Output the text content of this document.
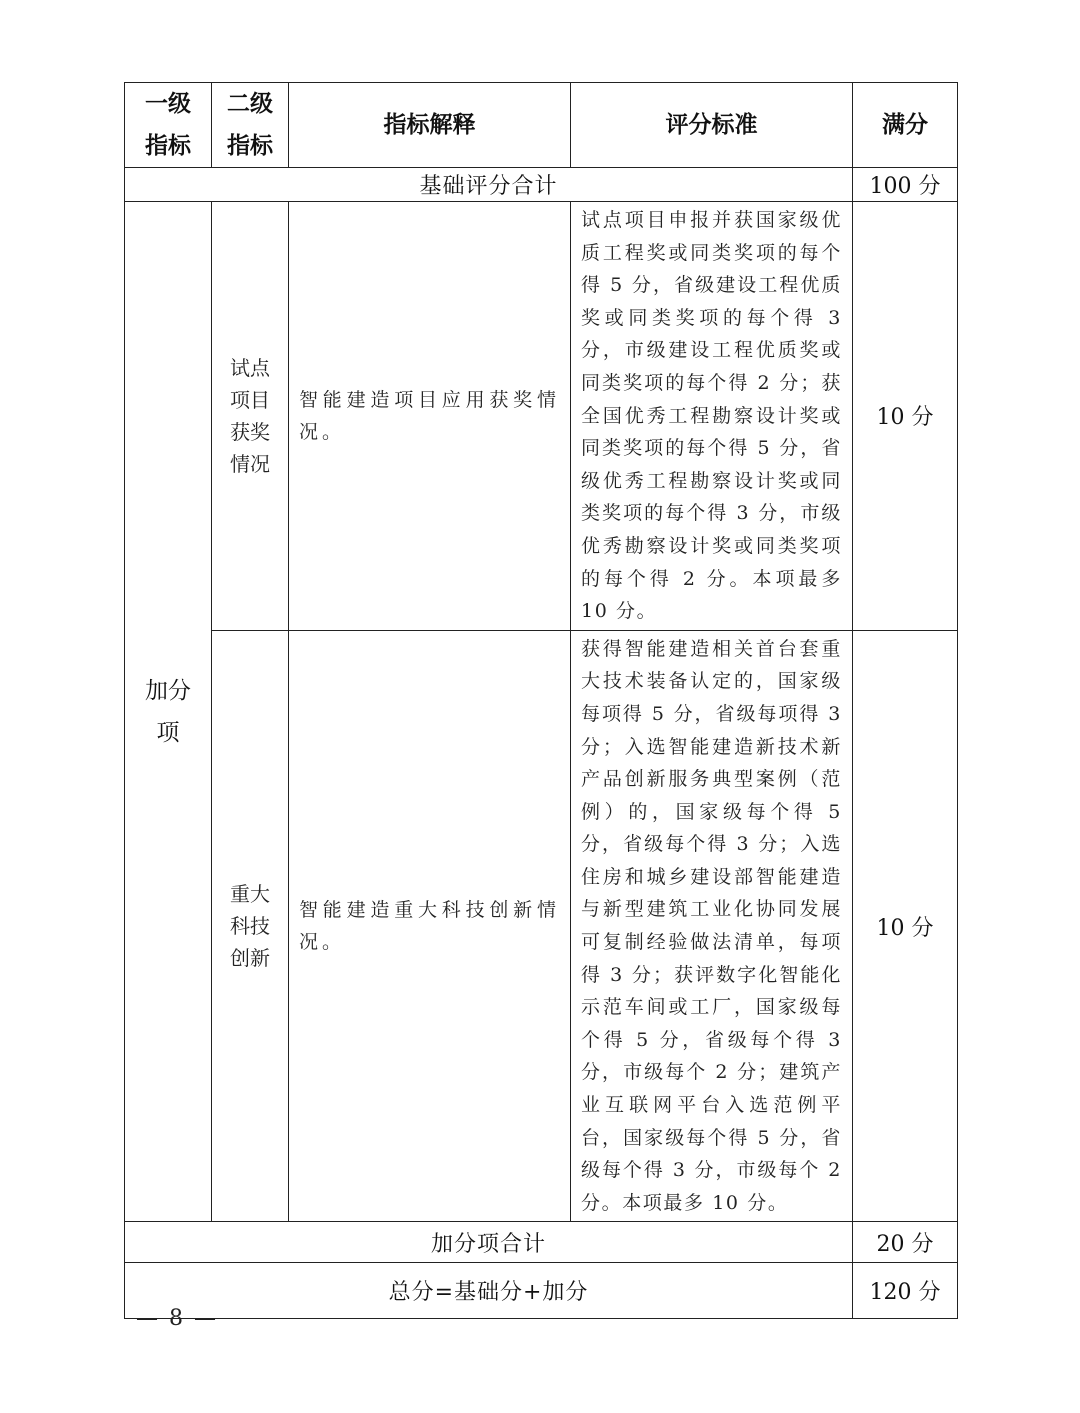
一级指标	二级指标	指标解释	评分标准	满分
基础评分合计				100 分
加分项	试点项目获奖情况	智能建造项目应用获奖情况。	试点项目申报并获国家级优质工程奖或同类奖项的每个得 5 分，省级建设工程优质奖或同类奖项的每个得 3 分，市级建设工程优质奖或同类奖项的每个得 2 分；获全国优秀工程勘察设计奖或同类奖项的每个得 5 分，省级优秀工程勘察设计奖或同类奖项的每个得 3 分，市级优秀勘察设计奖或同类奖项的每个得 2 分。本项最多 10 分。	10 分
	重大科技创新	智能建造重大科技创新情况。	获得智能建造相关首台套重大技术装备认定的，国家级每项得 5 分，省级每项得 3 分；入选智能建造新技术新产品创新服务典型案例（范例）的，国家级每个得 5 分，省级每个得 3 分；入选住房和城乡建设部智能建造与新型建筑工业化协同发展可复制经验做法清单，每项得 3 分；获评数字化智能化示范车间或工厂，国家级每个得 5 分，省级每个得 3 分，市级每个 2 分；建筑产业互联网平台入选范例平台，国家级每个得 5 分，省级每个得 3 分，市级每个 2 分。本项最多 10 分。	10 分
加分项合计				20 分
总分=基础分+加分				120 分
— 8 —
